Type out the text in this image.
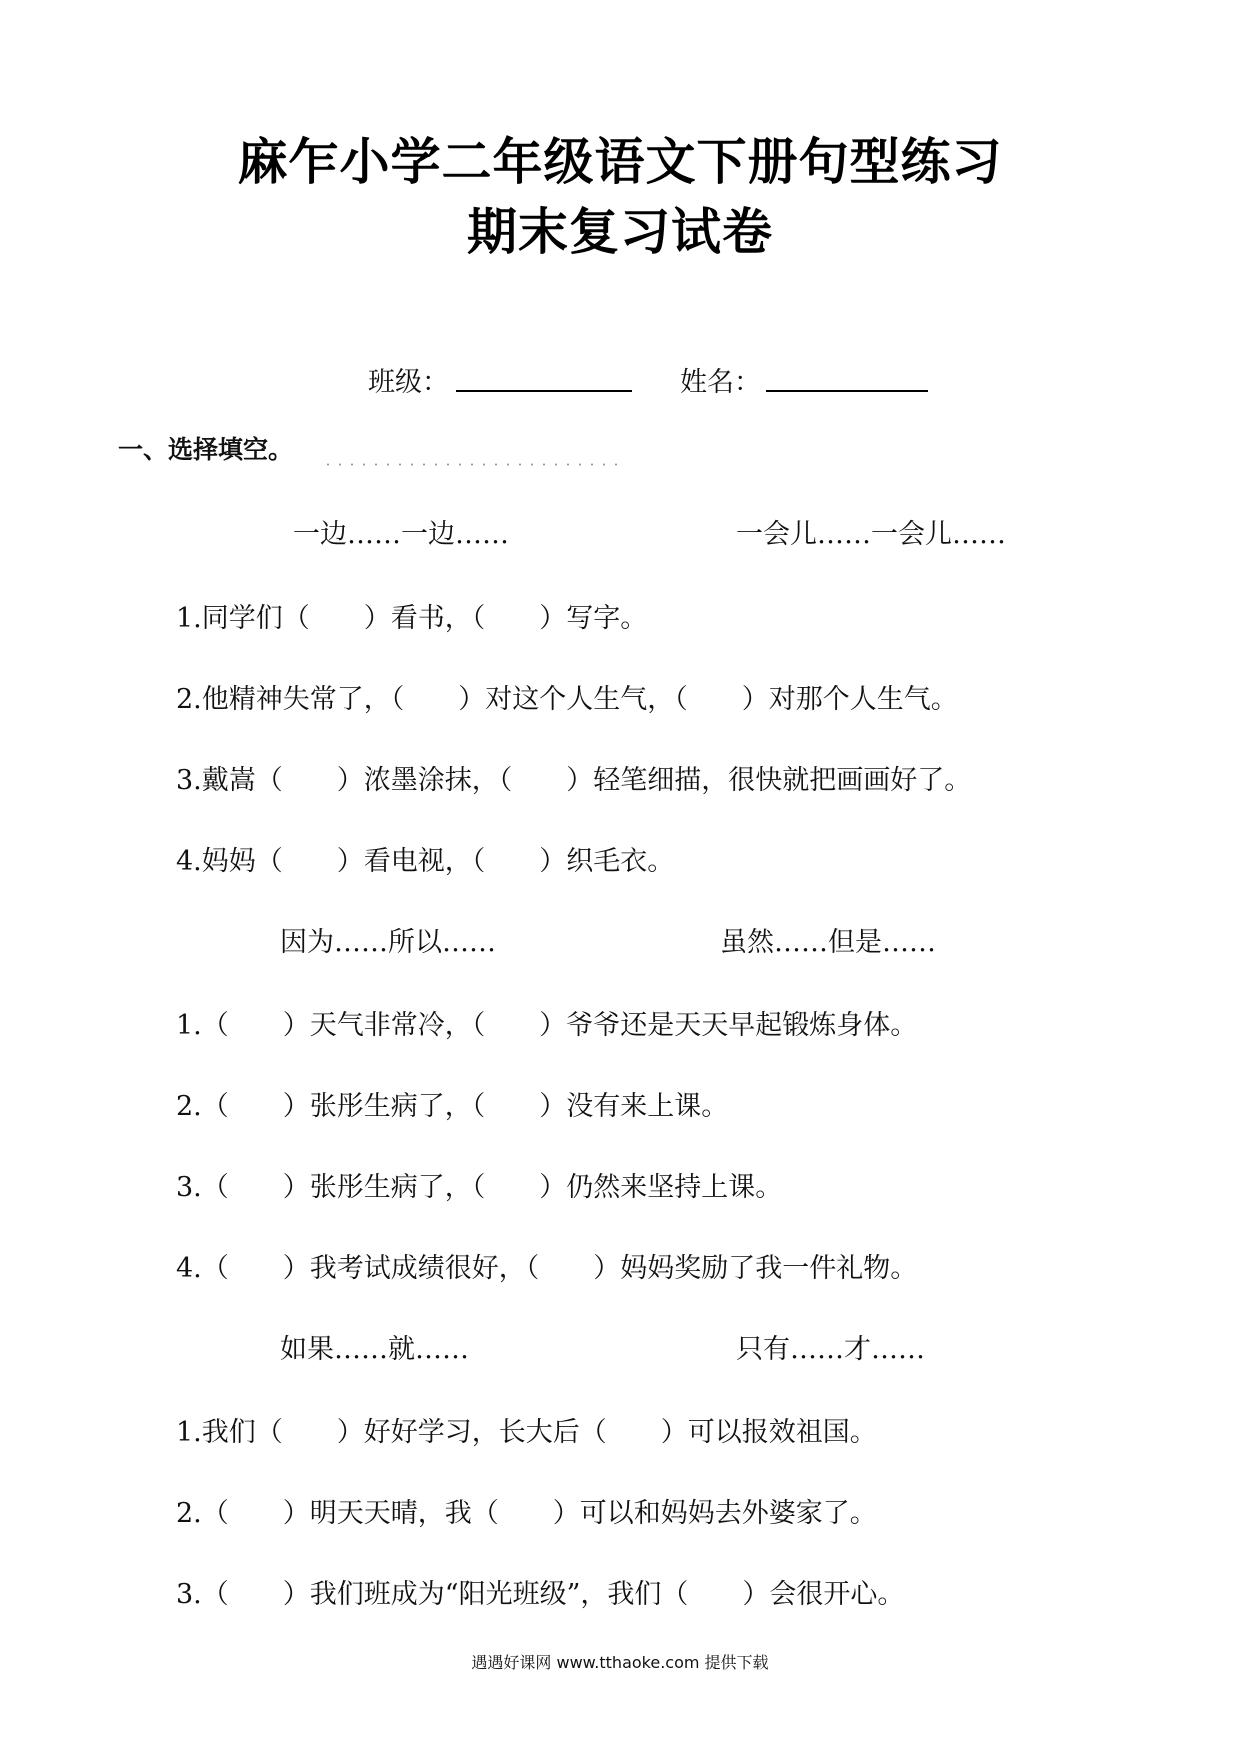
麻乍小学二年级语文下册句型练习
期末复习试卷
班级：	姓名：
一、选择填空。
一边……一边……	一会儿……一会儿……
1.同学们（　　）看书，（　　）写字。
2.他精神失常了，（　　）对这个人生气，（　　）对那个人生气。
3.戴嵩（　　）浓墨涂抹，（　　）轻笔细描，很快就把画画好了。
4.妈妈（　　）看电视，（　　）织毛衣。
因为……所以……	虽然……但是……
1.（　　）天气非常冷，（　　）爷爷还是天天早起锻炼身体。
2.（　　）张彤生病了，（　　）没有来上课。
3.（　　）张彤生病了，（　　）仍然来坚持上课。
4.（　　）我考试成绩很好，（　　）妈妈奖励了我一件礼物。
如果……就……	只有……才……
1.我们（　　）好好学习，长大后（　　）可以报效祖国。
2.（　　）明天天晴，我（　　）可以和妈妈去外婆家了。
3.（　　）我们班成为“阳光班级”，我们（　　）会很开心。
遇遇好课网 www.tthaoke.com 提供下载
